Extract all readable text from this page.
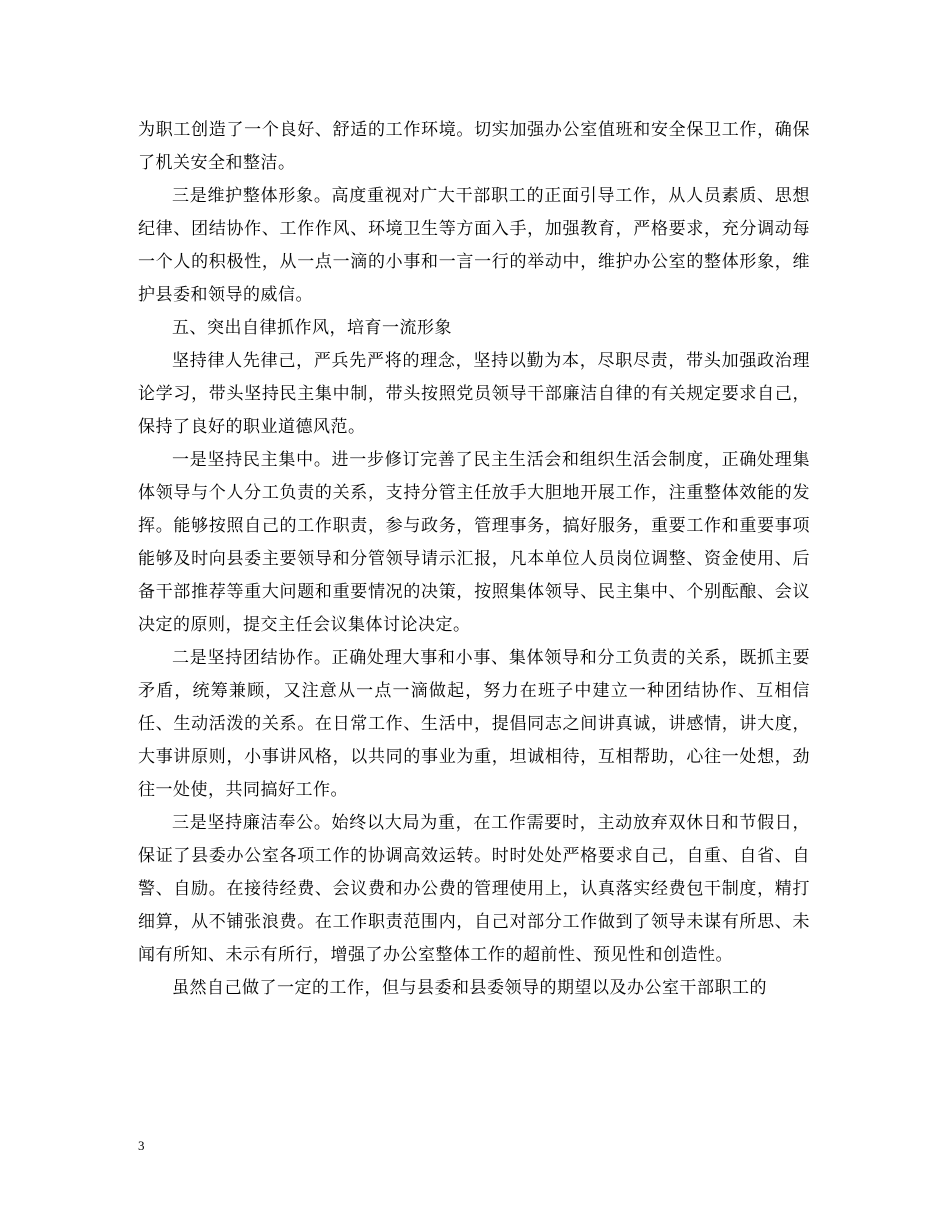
为职工创造了一个良好、舒适的工作环境。切实加强办公室值班和安全保卫工作，确保了机关安全和整洁。

三是维护整体形象。高度重视对广大干部职工的正面引导工作，从人员素质、思想纪律、团结协作、工作作风、环境卫生等方面入手，加强教育，严格要求，充分调动每一个人的积极性，从一点一滴的小事和一言一行的举动中，维护办公室的整体形象，维护县委和领导的威信。

五、突出自律抓作风，培育一流形象

坚持律人先律己，严兵先严将的理念，坚持以勤为本，尽职尽责，带头加强政治理论学习，带头坚持民主集中制，带头按照党员领导干部廉洁自律的有关规定要求自己，保持了良好的职业道德风范。

一是坚持民主集中。进一步修订完善了民主生活会和组织生活会制度，正确处理集体领导与个人分工负责的关系，支持分管主任放手大胆地开展工作，注重整体效能的发挥。能够按照自己的工作职责，参与政务，管理事务，搞好服务，重要工作和重要事项能够及时向县委主要领导和分管领导请示汇报，凡本单位人员岗位调整、资金使用、后备干部推荐等重大问题和重要情况的决策，按照集体领导、民主集中、个别酝酿、会议决定的原则，提交主任会议集体讨论决定。

二是坚持团结协作。正确处理大事和小事、集体领导和分工负责的关系，既抓主要矛盾，统筹兼顾，又注意从一点一滴做起，努力在班子中建立一种团结协作、互相信任、生动活泼的关系。在日常工作、生活中，提倡同志之间讲真诚，讲感情，讲大度，大事讲原则，小事讲风格，以共同的事业为重，坦诚相待，互相帮助，心往一处想，劲往一处使，共同搞好工作。

三是坚持廉洁奉公。始终以大局为重，在工作需要时，主动放弃双休日和节假日，保证了县委办公室各项工作的协调高效运转。时时处处严格要求自己，自重、自省、自警、自励。在接待经费、会议费和办公费的管理使用上，认真落实经费包干制度，精打细算，从不铺张浪费。在工作职责范围内，自己对部分工作做到了领导未谋有所思、未闻有所知、未示有所行，增强了办公室整体工作的超前性、预见性和创造性。

虽然自己做了一定的工作，但与县委和县委领导的期望以及办公室干部职工的

3
